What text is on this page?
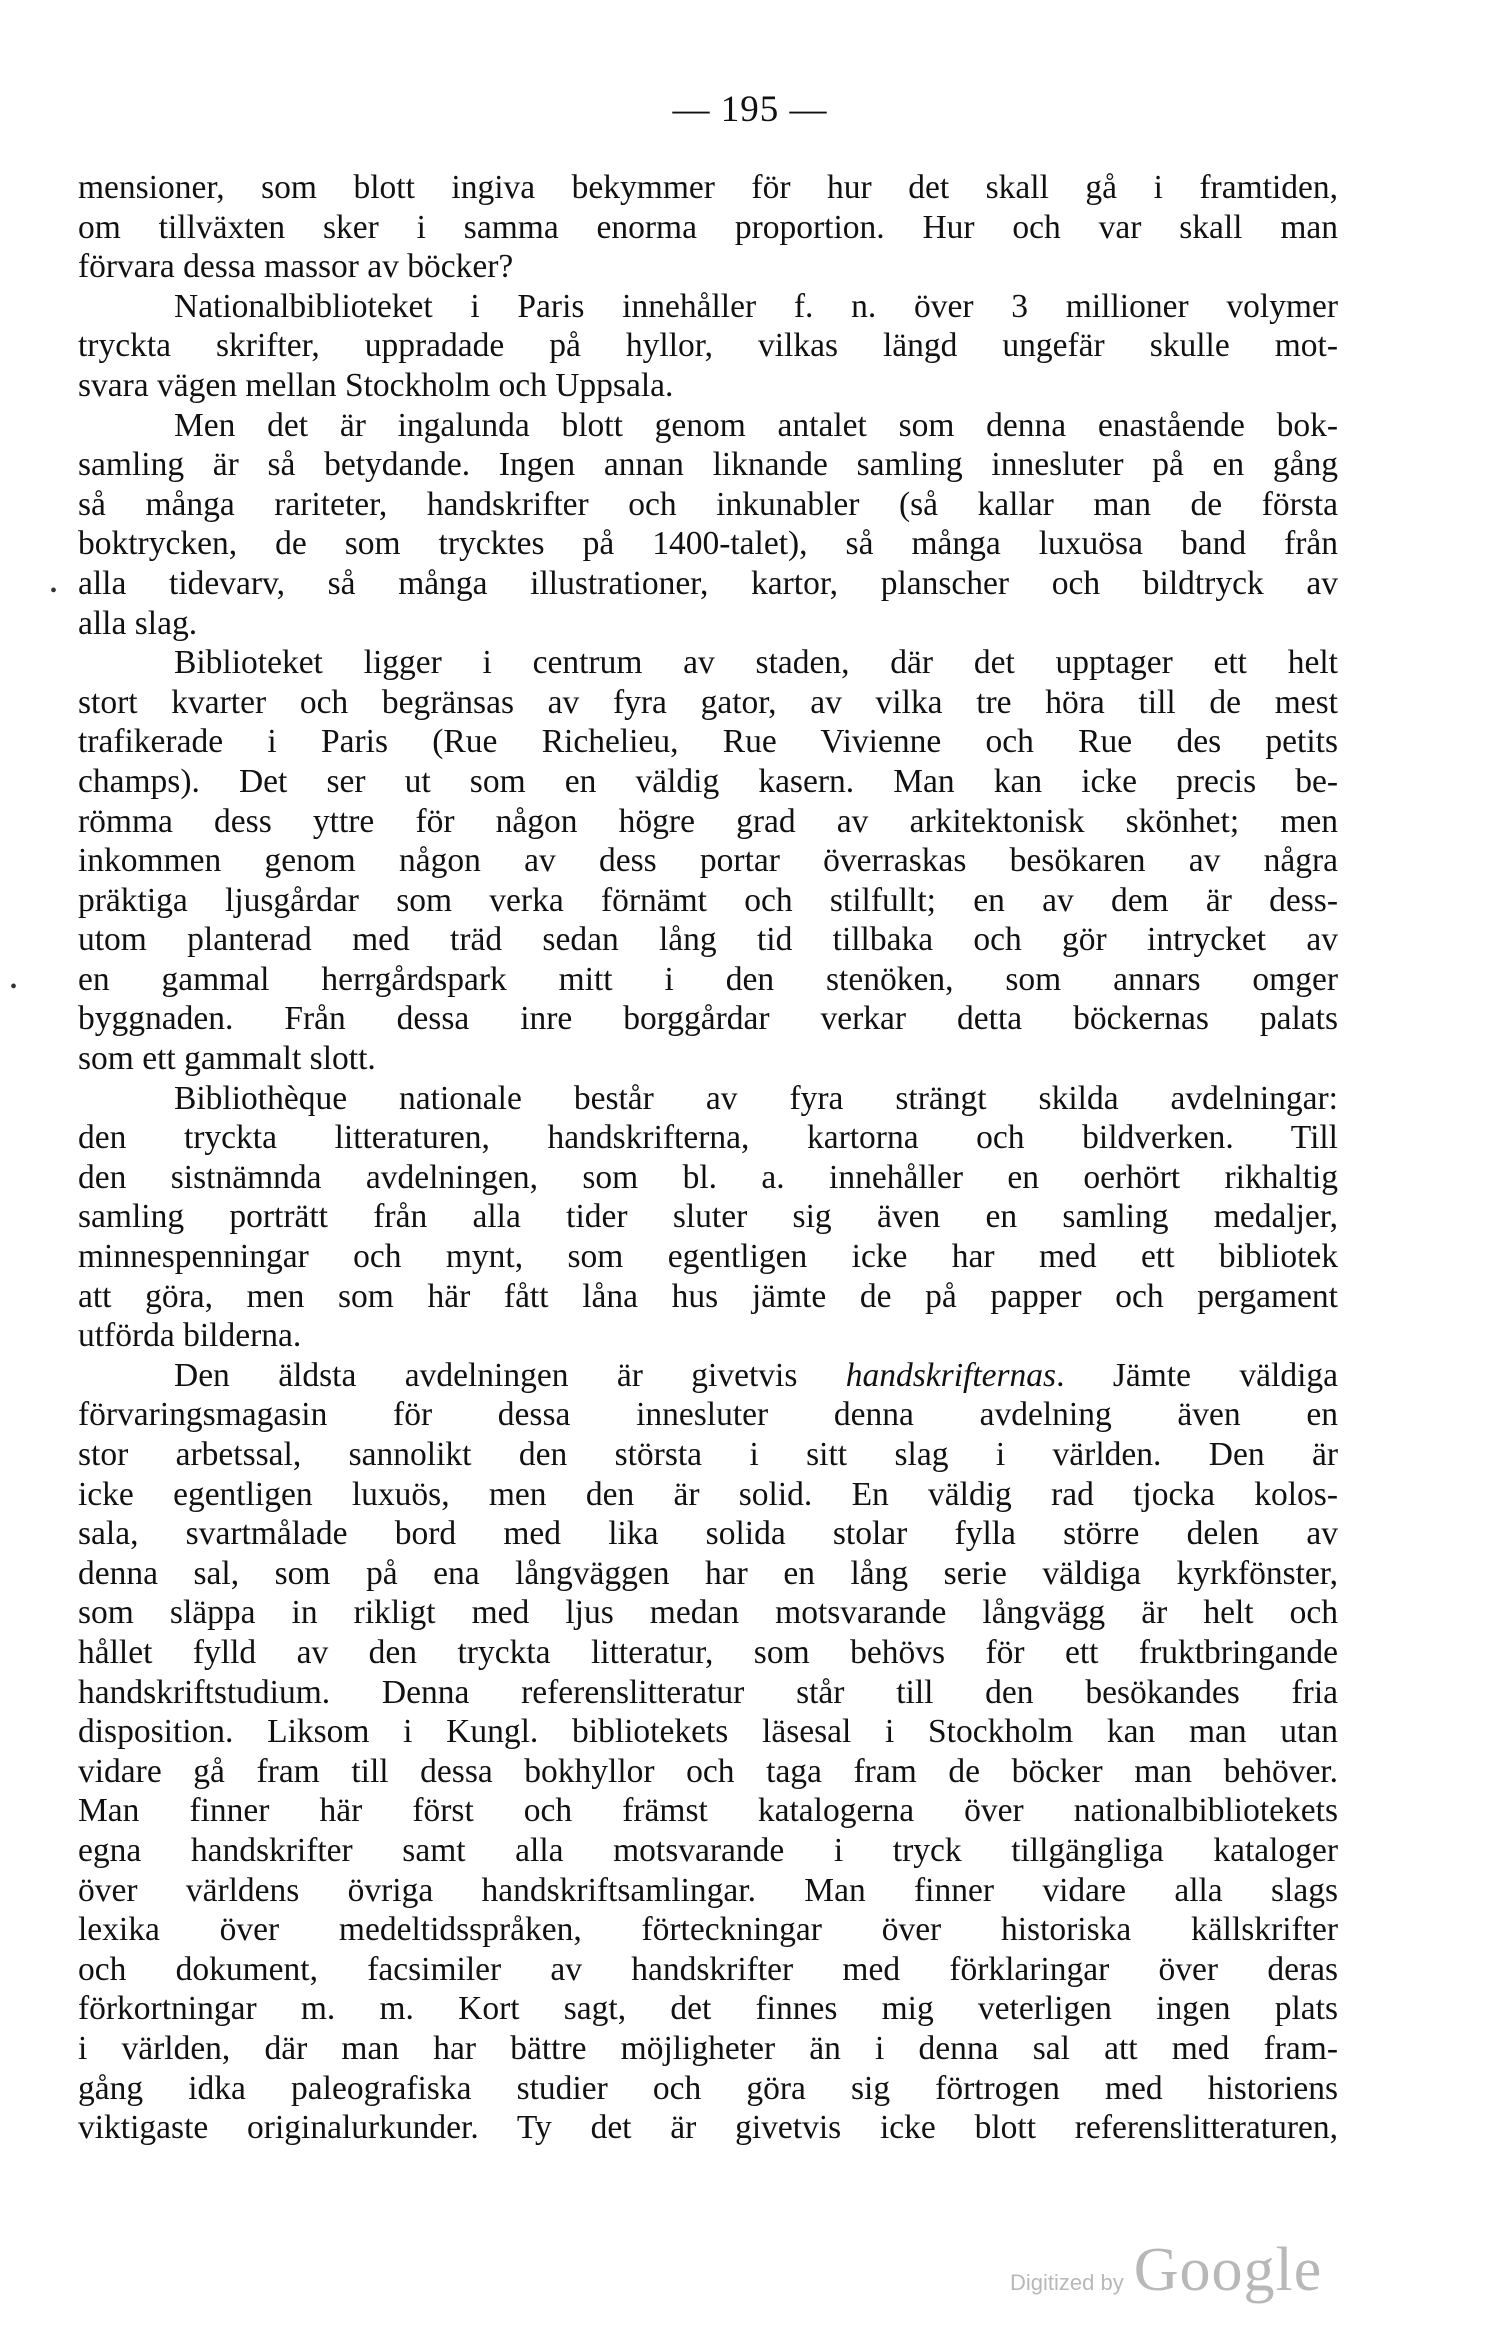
— 195 —
mensioner, som blott ingiva bekymmer för hur det skall gå i framtiden,
om tillväxten sker i samma enorma proportion. Hur och var skall man
förvara dessa massor av böcker?
Nationalbiblioteket i Paris innehåller f. n. över 3 millioner volymer
tryckta skrifter, uppradade på hyllor, vilkas längd ungefär skulle mot-
svara vägen mellan Stockholm och Uppsala.
Men det är ingalunda blott genom antalet som denna enastående bok-
samling är så betydande. Ingen annan liknande samling innesluter på en gång
så många rariteter, handskrifter och inkunabler (så kallar man de första
boktrycken, de som trycktes på 1400-talet), så många luxuösa band från
alla tidevarv, så många illustrationer, kartor, planscher och bildtryck av
alla slag.
Biblioteket ligger i centrum av staden, där det upptager ett helt
stort kvarter och begränsas av fyra gator, av vilka tre höra till de mest
trafikerade i Paris (Rue Richelieu, Rue Vivienne och Rue des petits
champs). Det ser ut som en väldig kasern. Man kan icke precis be-
römma dess yttre för någon högre grad av arkitektonisk skönhet; men
inkommen genom någon av dess portar överraskas besökaren av några
präktiga ljusgårdar som verka förnämt och stilfullt; en av dem är dess-
utom planterad med träd sedan lång tid tillbaka och gör intrycket av
en gammal herrgårdspark mitt i den stenöken, som annars omger
byggnaden. Från dessa inre borggårdar verkar detta böckernas palats
som ett gammalt slott.
Bibliothèque nationale består av fyra strängt skilda avdelningar:
den tryckta litteraturen, handskrifterna, kartorna och bildverken. Till
den sistnämnda avdelningen, som bl. a. innehåller en oerhört rikhaltig
samling porträtt från alla tider sluter sig även en samling medaljer,
minnespenningar och mynt, som egentligen icke har med ett bibliotek
att göra, men som här fått låna hus jämte de på papper och pergament
utförda bilderna.
Den äldsta avdelningen är givetvis handskrifternas. Jämte väldiga
förvaringsmagasin för dessa innesluter denna avdelning även en
stor arbetssal, sannolikt den största i sitt slag i världen. Den är
icke egentligen luxuös, men den är solid. En väldig rad tjocka kolos-
sala, svartmålade bord med lika solida stolar fylla större delen av
denna sal, som på ena långväggen har en lång serie väldiga kyrkfönster,
som släppa in rikligt med ljus medan motsvarande långvägg är helt och
hållet fylld av den tryckta litteratur, som behövs för ett fruktbringande
handskriftstudium. Denna referenslitteratur står till den besökandes fria
disposition. Liksom i Kungl. bibliotekets läsesal i Stockholm kan man utan
vidare gå fram till dessa bokhyllor och taga fram de böcker man behöver.
Man finner här först och främst katalogerna över nationalbibliotekets
egna handskrifter samt alla motsvarande i tryck tillgängliga kataloger
över världens övriga handskriftsamlingar. Man finner vidare alla slags
lexika över medeltidsspråken, förteckningar över historiska källskrifter
och dokument, facsimiler av handskrifter med förklaringar över deras
förkortningar m. m. Kort sagt, det finnes mig veterligen ingen plats
i världen, där man har bättre möjligheter än i denna sal att med fram-
gång idka paleografiska studier och göra sig förtrogen med historiens
viktigaste originalurkunder. Ty det är givetvis icke blott referenslitteraturen,
•
•
Digitized by Google
